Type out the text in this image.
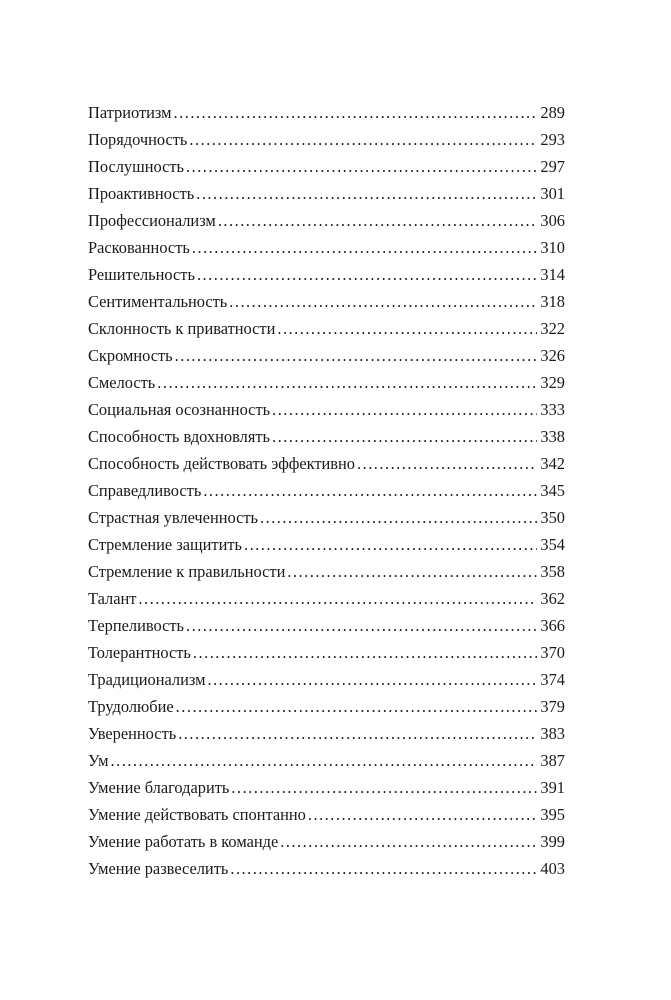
Патриотизм . . .	289
Порядочность . . .	293
Послушность . . .	297
Проактивность . . .	301
Профессионализм . . .	306
Раскованность . . .	310
Решительность . . .	314
Сентиментальность . . .	318
Склонность к приватности . . .	322
Скромность . . .	326
Смелость . . .	329
Социальная осознанность . . .	333
Способность вдохновлять . . .	338
Способность действовать эффективно . . .	342
Справедливость . . .	345
Страстная увлеченность . . .	350
Стремление защитить . . .	354
Стремление к правильности . . .	358
Талант . . .	362
Терпеливость . . .	366
Толерантность . . .	370
Традиционализм . . .	374
Трудолюбие . . .	379
Уверенность . . .	383
Ум . . .	387
Умение благодарить . . .	391
Умение действовать спонтанно . . .	395
Умение работать в команде . . .	399
Умение развеселить . . .	403
